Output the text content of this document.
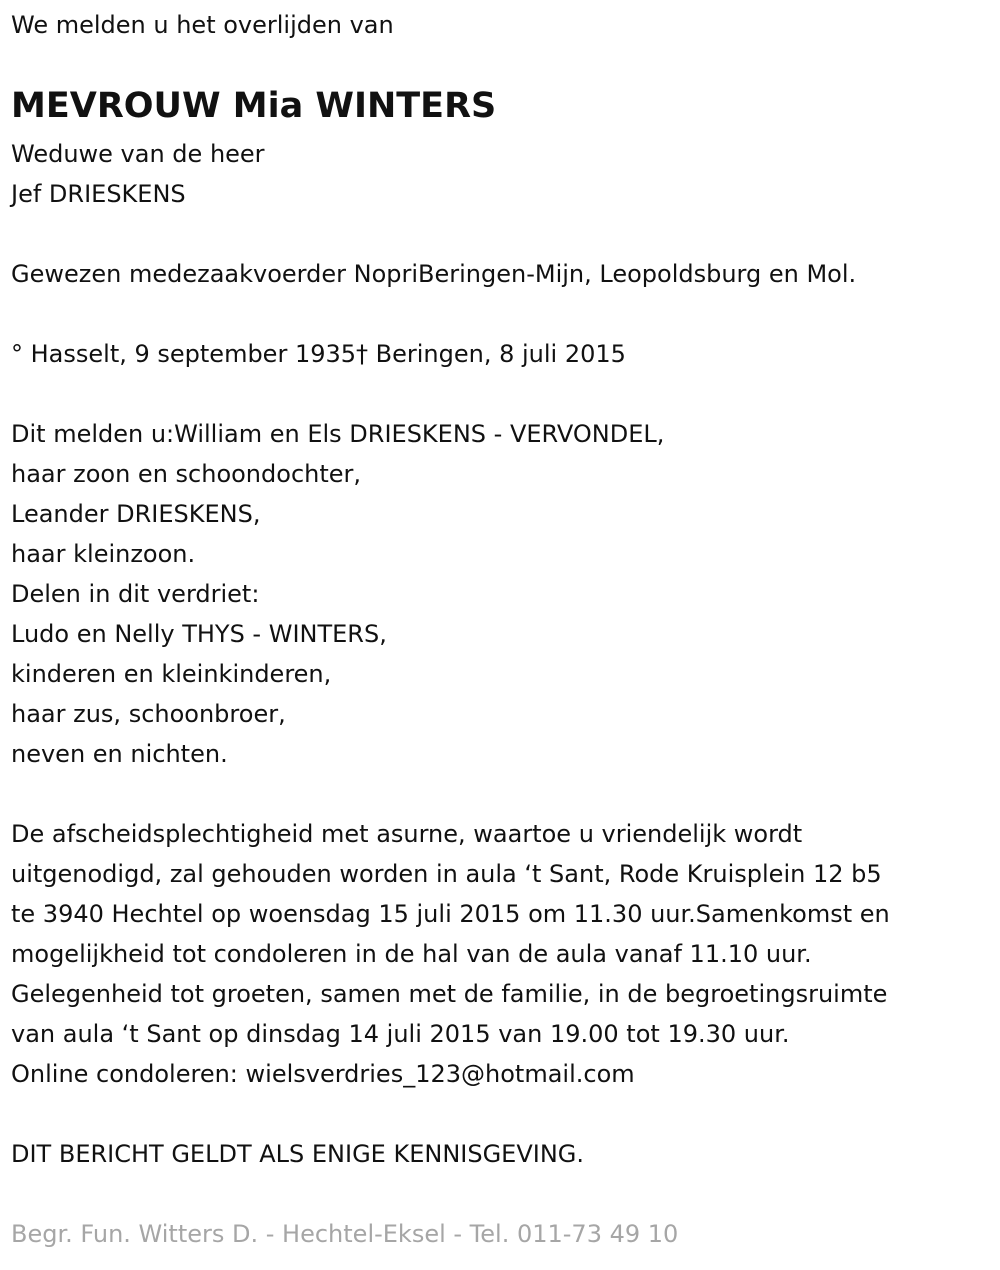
We melden u het overlijden van

MEVROUW Mia WINTERS

Weduwe van de heer

Jef DRIESKENS

Gewezen medezaakvoerder NopriBeringen-Mijn, Leopoldsburg en Mol.

° Hasselt, 9 september 1935† Beringen, 8 juli 2015

Dit melden u:William en Els DRIESKENS - VERVONDEL,

haar zoon en schoondochter,

Leander DRIESKENS,

haar kleinzoon.

Delen in dit verdriet:

Ludo en Nelly THYS - WINTERS,

kinderen en kleinkinderen,

haar zus, schoonbroer,

neven en nichten.

De afscheidsplechtigheid met asurne, waartoe u vriendelijk wordt

uitgenodigd, zal gehouden worden in aula ‘t Sant, Rode Kruisplein 12 b5

te 3940 Hechtel op woensdag 15 juli 2015 om 11.30 uur.Samenkomst en

mogelijkheid tot condoleren in de hal van de aula vanaf 11.10 uur.

Gelegenheid tot groeten, samen met de familie, in de begroetingsruimte

van aula ‘t Sant op dinsdag 14 juli 2015 van 19.00 tot 19.30 uur.

Online condoleren: wielsverdries_123@hotmail.com

DIT BERICHT GELDT ALS ENIGE KENNISGEVING.

Begr. Fun. Witters D. - Hechtel-Eksel - Tel. 011-73 49 10
